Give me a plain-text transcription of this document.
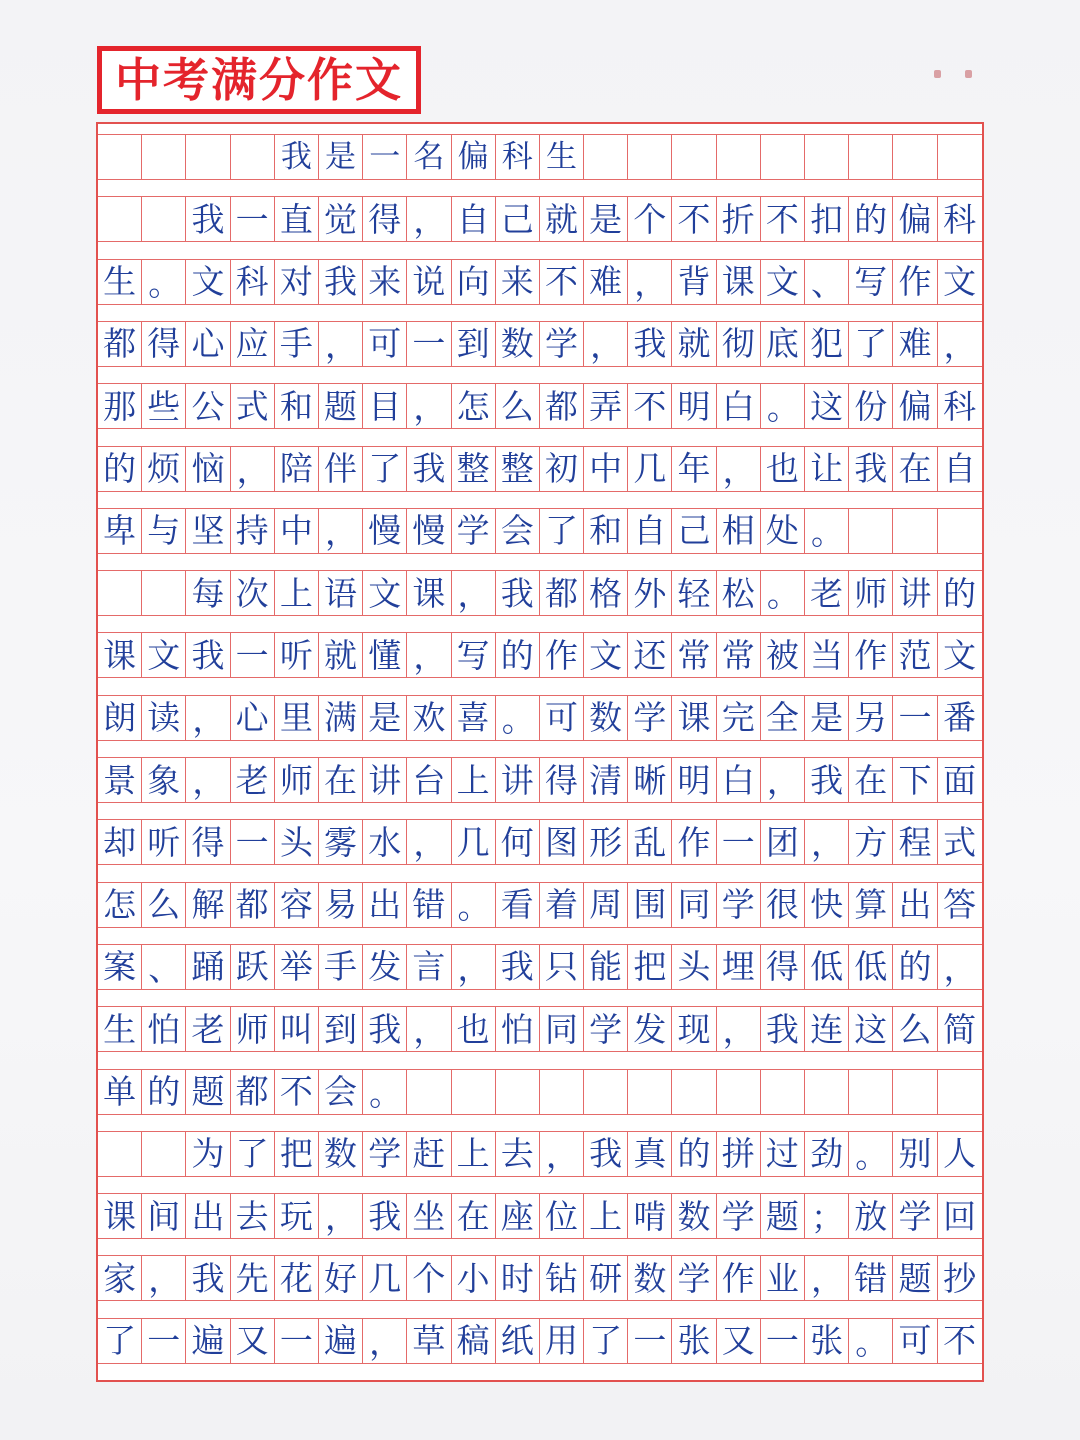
中考满分作文
我 是 一 名 偏 科 生
我 一 直 觉 得 ， 自 己 就 是 个 不 折 不 扣 的 偏 科
生 。 文 科 对 我 来 说 向 来 不 难 ， 背 课 文 、 写 作 文
都 得 心 应 手 ， 可 一 到 数 学 ， 我 就 彻 底 犯 了 难 ，
那 些 公 式 和 题 目 ， 怎 么 都 弄 不 明 白 。 这 份 偏 科
的 烦 恼 ， 陪 伴 了 我 整 整 初 中 几 年 ， 也 让 我 在 自
卑 与 坚 持 中 ， 慢 慢 学 会 了 和 自 己 相 处 。
每 次 上 语 文 课 ， 我 都 格 外 轻 松 。 老 师 讲 的
课 文 我 一 听 就 懂 ， 写 的 作 文 还 常 常 被 当 作 范 文
朗 读 ， 心 里 满 是 欢 喜 。 可 数 学 课 完 全 是 另 一 番
景 象 ， 老 师 在 讲 台 上 讲 得 清 晰 明 白 ， 我 在 下 面
却 听 得 一 头 雾 水 ， 几 何 图 形 乱 作 一 团 ， 方 程 式
怎 么 解 都 容 易 出 错 。 看 着 周 围 同 学 很 快 算 出 答
案 、 踊 跃 举 手 发 言 ， 我 只 能 把 头 埋 得 低 低 的 ，
生 怕 老 师 叫 到 我 ， 也 怕 同 学 发 现 ， 我 连 这 么 简
单 的 题 都 不 会 。
为 了 把 数 学 赶 上 去 ， 我 真 的 拼 过 劲 。 别 人
课 间 出 去 玩 ， 我 坐 在 座 位 上 啃 数 学 题 ； 放 学 回
家 ， 我 先 花 好 几 个 小 时 钻 研 数 学 作 业 ， 错 题 抄
了 一 遍 又 一 遍 ， 草 稿 纸 用 了 一 张 又 一 张 。 可 不
